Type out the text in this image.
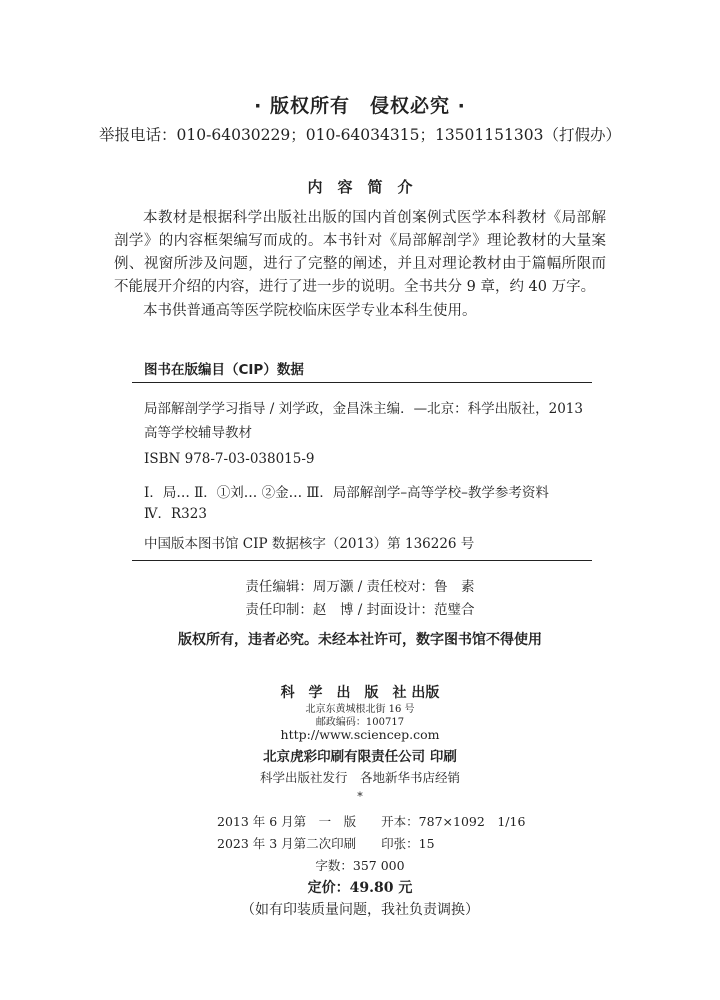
· 版权所有　侵权必究 ·
举报电话：010-64030229；010-64034315；13501151303（打假办）
内　容　简　介
本教材是根据科学出版社出版的国内首创案例式医学本科教材《局部解剖学》的内容框架编写而成的。本书针对《局部解剖学》理论教材的大量案例、视窗所涉及问题，进行了完整的阐述，并且对理论教材由于篇幅所限而不能展开介绍的内容，进行了进一步的说明。全书共分 9 章，约 40 万字。
本书供普通高等医学院校临床医学专业本科生使用。
图书在版编目（CIP）数据
局部解剖学学习指导 / 刘学政，金昌洙主编．—北京：科学出版社，2013
高等学校辅导教材
ISBN 978-7-03-038015-9
Ⅰ．局… Ⅱ．①刘… ②金… Ⅲ．局部解剖学–高等学校–教学参考资料
Ⅳ．R323
中国版本图书馆 CIP 数据核字（2013）第 136226 号
责任编辑：周万灏 / 责任校对：鲁　素
责任印制：赵　博 / 封面设计：范璧合
版权所有，违者必究。未经本社许可，数字图书馆不得使用
科　学　出　版　社 出版
北京东黄城根北街 16 号
邮政编码：100717
http://www.sciencep.com
北京虎彩印刷有限责任公司 印刷
科学出版社发行　各地新华书店经销
*
2013 年 6 月第　一　版　　开本：787×1092　1/16
2023 年 3 月第二次印刷　　印张：15
字数：357 000
定价：49.80 元
（如有印装质量问题，我社负责调换）
